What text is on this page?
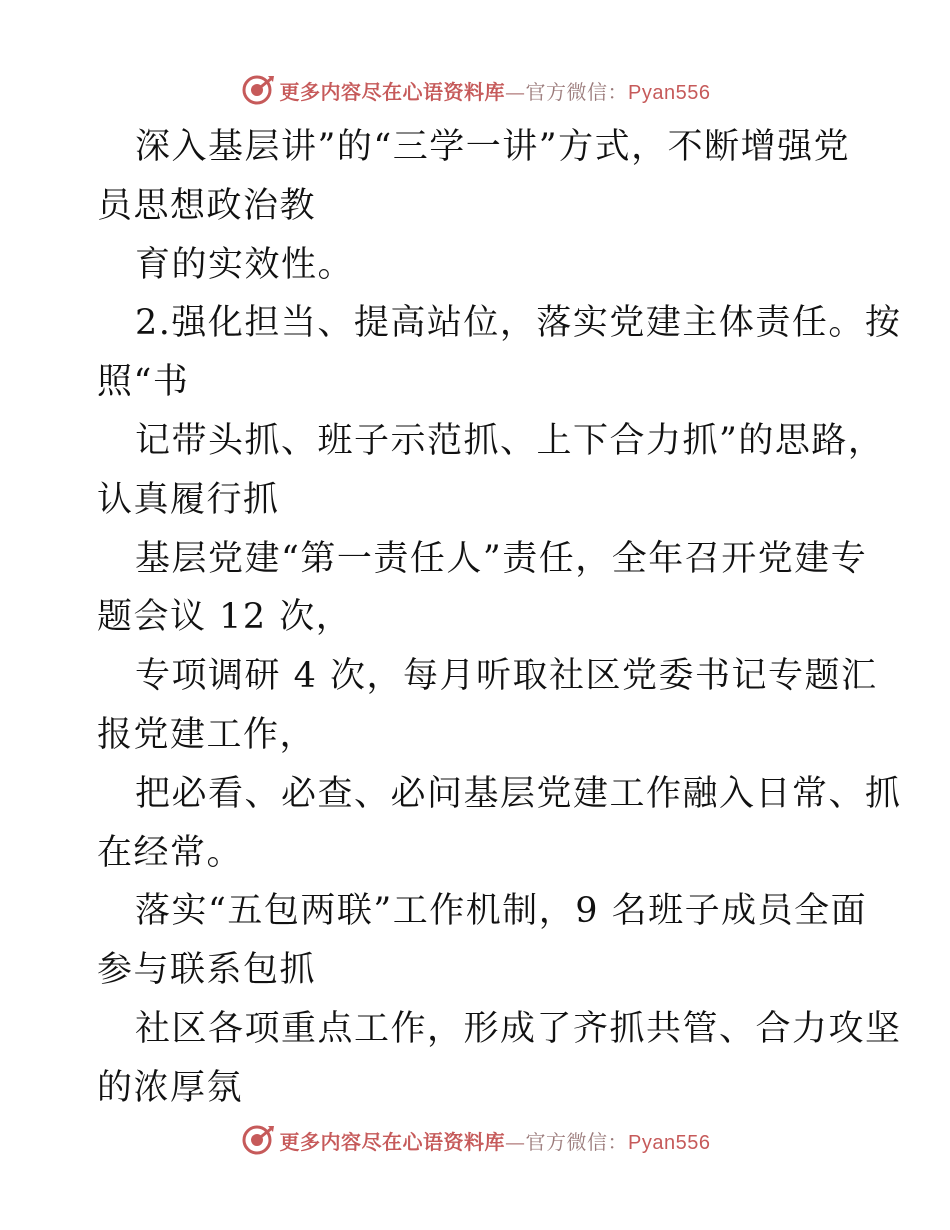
更多内容尽在心语资料库—官方微信：Pyan556
深入基层讲”的“三学一讲”方式，不断增强党
员思想政治教
育的实效性。
2.强化担当、提高站位，落实党建主体责任。按
照“书
记带头抓、班子示范抓、上下合力抓”的思路，
认真履行抓
基层党建“第一责任人”责任，全年召开党建专
题会议 12 次，
专项调研 4 次，每月听取社区党委书记专题汇
报党建工作，
把必看、必查、必问基层党建工作融入日常、抓
在经常。
落实“五包两联”工作机制，9 名班子成员全面
参与联系包抓
社区各项重点工作，形成了齐抓共管、合力攻坚
的浓厚氛
更多内容尽在心语资料库—官方微信：Pyan556
